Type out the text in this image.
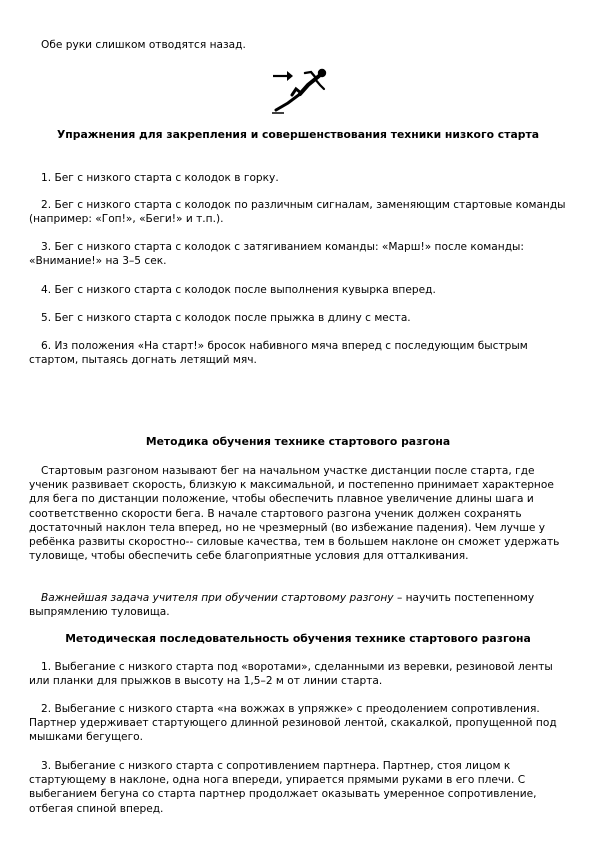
Обе руки слишком отводятся назад.

Упражнения для закрепления и совершенствования техники низкого старта

1. Бег с низкого старта с колодок в горку.

2. Бег с низкого старта с колодок по различным сигналам, заменяющим стартовые команды (например: «Гоп!», «Беги!» и т.п.).

3. Бег с низкого старта с колодок с затягиванием команды: «Марш!» после команды: «Внимание!» на 3–5 сек.

4. Бег с низкого старта с колодок после выполнения кувырка вперед.

5. Бег с низкого старта с колодок после прыжка в длину с места.

6. Из положения «На старт!» бросок набивного мяча вперед с последующим быстрым стартом, пытаясь догнать летящий мяч.

Методика обучения технике стартового разгона

Стартовым разгоном называют бег на начальном участке дистанции после старта, где ученик развивает скорость, близкую к максимальной, и постепенно принимает характерное для бега по дистанции положение, чтобы обеспечить плавное увеличение длины шага и соответственно скорости бега. В начале стартового разгона ученик должен сохранять достаточный наклон тела вперед, но не чрезмерный (во избежание падения). Чем лучше у ребёнка развиты скоростно-- силовые качества, тем в большем наклоне он сможет удержать туловище, чтобы обеспечить себе благоприятные условия для отталкивания.

Важнейшая задача учителя при обучении стартовому разгону – научить постепенному выпрямлению туловища.

Методическая последовательность обучения технике стартового разгона

1. Выбегание с низкого старта под «воротами», сделанными из веревки, резиновой ленты или планки для прыжков в высоту на 1,5–2 м от линии старта.

2. Выбегание с низкого старта «на вожжах в упряжке» с преодолением сопротивления. Партнер удерживает стартующего длинной резиновой лентой, скакалкой, пропущенной под мышками бегущего.

3. Выбегание с низкого старта с сопротивлением партнера. Партнер, стоя лицом к стартующему в наклоне, одна нога впереди, упирается прямыми руками в его плечи. С выбеганием бегуна со старта партнер продолжает оказывать умеренное сопротивление, отбегая спиной вперед.
